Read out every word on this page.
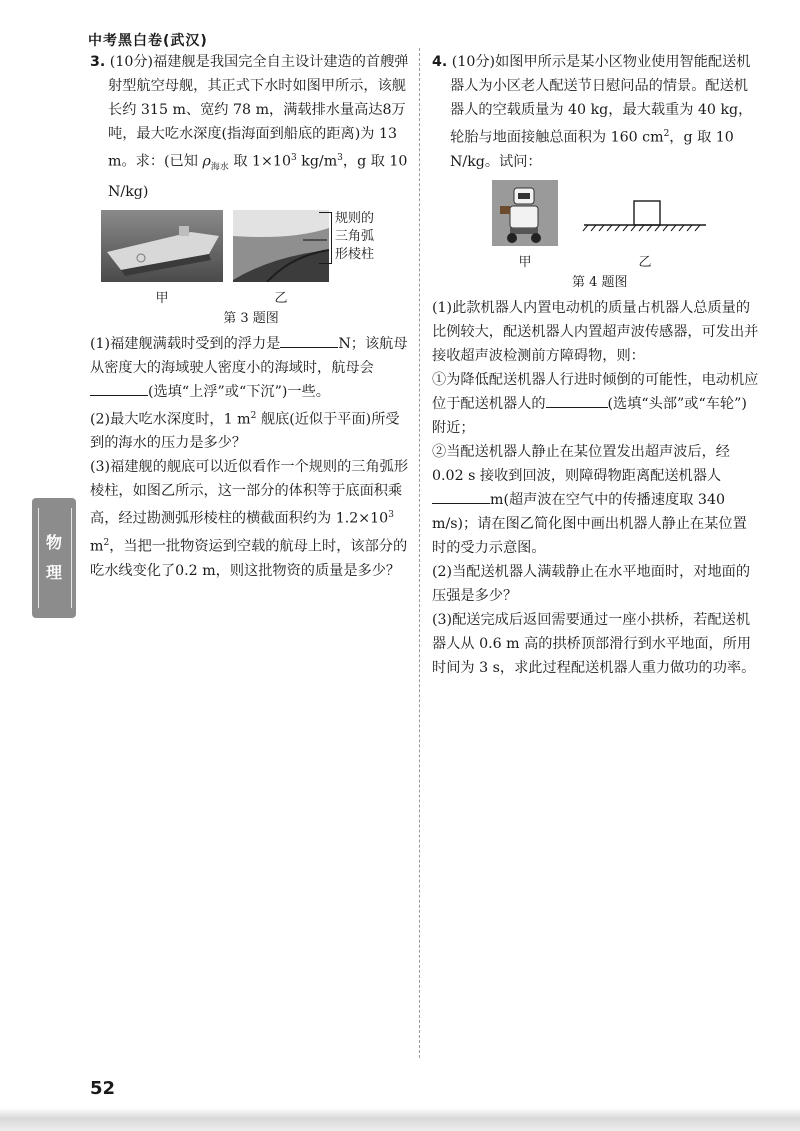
中考黑白卷(武汉)

3. (10分)福建舰是我国完全自主设计建造的首艘弹射型航空母舰，其正式下水时如图甲所示，该舰长约 315 m、宽约 78 m，满载排水量高达8万吨，最大吃水深度(指海面到船底的距离)为 13 m。求：(已知 $\rho_{海水}$ 取 $1\times 10^3$ $kg/m^3$，g 取 10 N/kg)

甲
规则的
三角弧
形棱柱
乙
第 3 题图

(1)福建舰满载时受到的浮力是	N；该航母从密度大的海域驶人密度小的海域时，航母会(选填“上浮”或“下沉”)一些。

(2)最大吃水深度时，1 $m^2$ 舰底(近似于平面)所受到的海水的压力是多少？

(3)福建舰的舰底可以近似看作一个规则的三角弧形棱柱，如图乙所示，这一部分的体积等于底面积乘高，经过勘测弧形棱柱的横截面积约为 $1.2\times 10^3$ $m^2$，当把一批物资运到空载的航母上时，该部分的吃水线变化了0.2 m，则这批物资的质量是多少？

4. (10分)如图甲所示是某小区物业使用智能配送机器人为小区老人配送节日慰问品的情景。配送机器人的空载质量为 40 kg，最大载重为 40 kg，轮胎与地面接触总面积为 160 $cm^2$，g 取 10 N/kg。试问：

甲	乙
第 4 题图

(1)此款机器人内置电动机的质量占机器人总质量的比例较大，配送机器人内置超声波传感器，可发出并接收超声波检测前方障碍物，则：

①为降低配送机器人行进时倾倒的可能性，电动机应位于配送机器人的	(选填“头部”或“车轮”)附近；

②当配送机器人静止在某位置发出超声波后，经 0.02 s 接收到回波，则障碍物距离配送机器人m(超声波在空气中的传播速度取 340 m/s)；请在图乙简化图中画出机器人静止在某位置时的受力示意图。

(2)当配送机器人满载静止在水平地面时，对地面的压强是多少？

(3)配送完成后返回需要通过一座小拱桥，若配送机器人从 0.6 m 高的拱桥顶部滑行到水平地面，所用时间为 3 s，求此过程配送机器人重力做功的功率。

物
理
52
